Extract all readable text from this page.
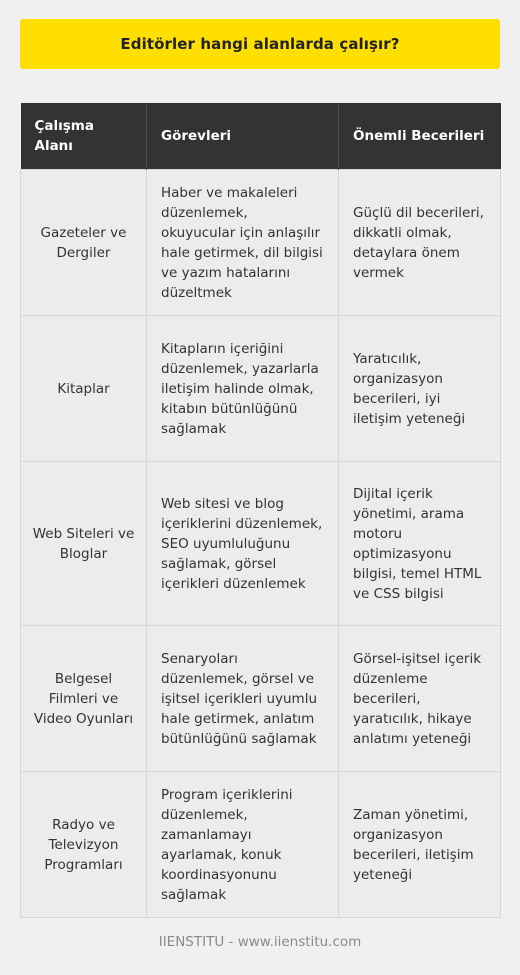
Editörler hangi alanlarda çalışır?
Çalışma Alanı	Görevleri	Önemli Becerileri
Gazeteler ve Dergiler	Haber ve makaleleri düzenlemek, okuyucular için anlaşılır hale getirmek, dil bilgisi ve yazım hatalarını düzeltmek	Güçlü dil becerileri, dikkatli olmak, detaylara önem vermek
Kitaplar	Kitapların içeriğini düzenlemek, yazarlarla iletişim halinde olmak, kitabın bütünlüğünü sağlamak	Yaratıcılık, organizasyon becerileri, iyi iletişim yeteneği
Web Siteleri ve Bloglar	Web sitesi ve blog içeriklerini düzenlemek, SEO uyumluluğunu sağlamak, görsel içerikleri düzenlemek	Dijital içerik yönetimi, arama motoru optimizasyonu bilgisi, temel HTML ve CSS bilgisi
Belgesel Filmleri ve Video Oyunları	Senaryoları düzenlemek, görsel ve işitsel içerikleri uyumlu hale getirmek, anlatım bütünlüğünü sağlamak	Görsel-işitsel içerik düzenleme becerileri, yaratıcılık, hikaye anlatımı yeteneği
Radyo ve Televizyon Programları	Program içeriklerini düzenlemek, zamanlamayı ayarlamak, konuk koordinasyonunu sağlamak	Zaman yönetimi, organizasyon becerileri, iletişim yeteneği
IIENSTITU - www.iienstitu.com
